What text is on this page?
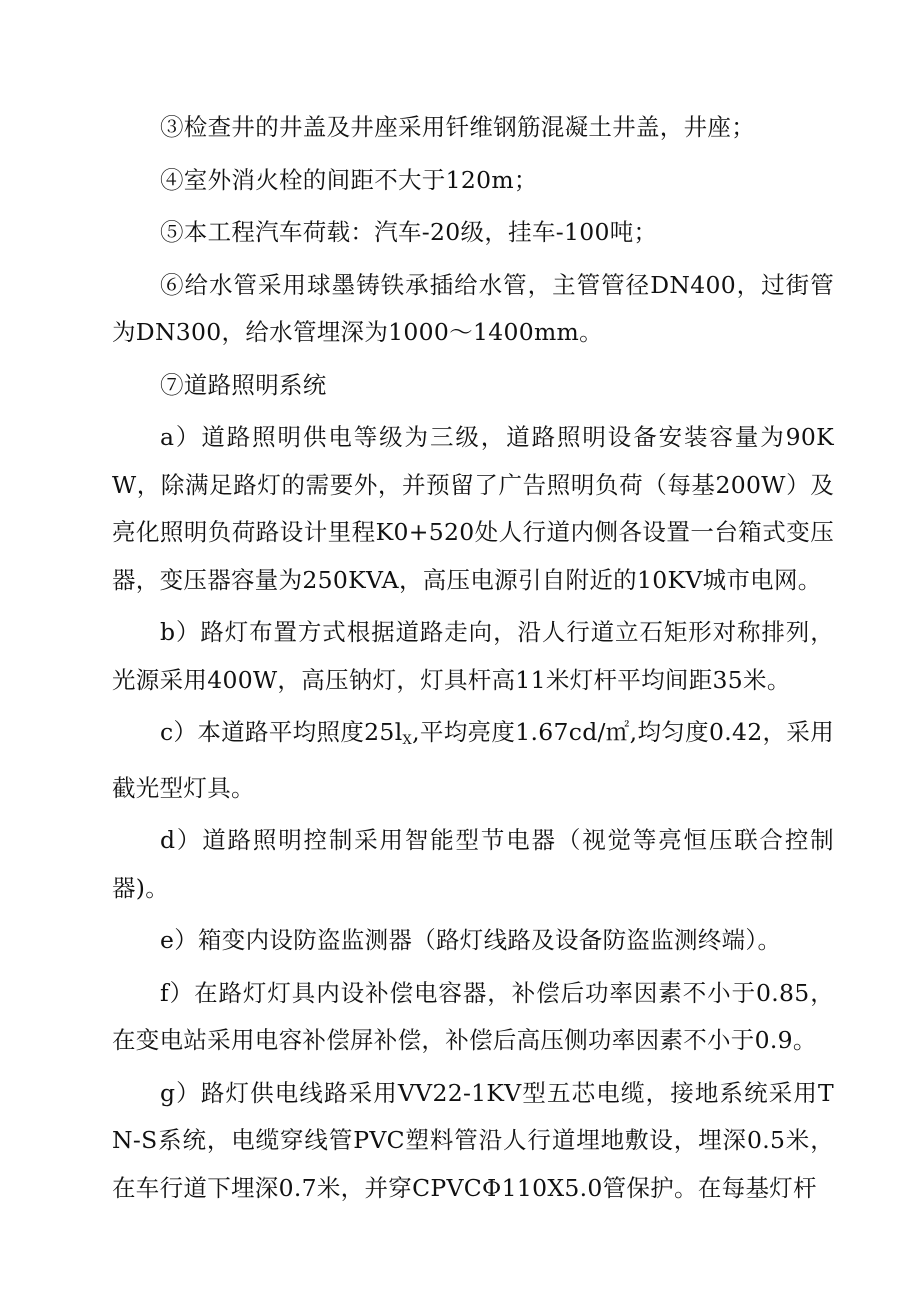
③检查井的井盖及井座采用钎维钢筋混凝土井盖，井座；

④室外消火栓的间距不大于120m；

⑤本工程汽车荷载：汽车-20级，挂车-100吨；

⑥给水管采用球墨铸铁承插给水管，主管管径DN400，过街管为DN300，给水管埋深为1000～1400mm。

⑦道路照明系统

a）道路照明供电等级为三级，道路照明设备安装容量为90KW，除满足路灯的需要外，并预留了广告照明负荷（每基200W）及亮化照明负荷路设计里程K0+520处人行道内侧各设置一台箱式变压器，变压器容量为250KVA，高压电源引自附近的10KV城市电网。

b）路灯布置方式根据道路走向，沿人行道立石矩形对称排列，光源采用400W，高压钠灯，灯具杆高11米灯杆平均间距35米。

c）本道路平均照度25lX,平均亮度1.67cd/㎡,均匀度0.42，采用截光型灯具。

d）道路照明控制采用智能型节电器（视觉等亮恒压联合控制器)。

e）箱变内设防盗监测器（路灯线路及设备防盗监测终端）。

f）在路灯灯具内设补偿电容器，补偿后功率因素不小于0.85，在变电站采用电容补偿屏补偿，补偿后高压侧功率因素不小于0.9。

g）路灯供电线路采用VV22-1KV型五芯电缆，接地系统采用TN-S系统，电缆穿线管PVC塑料管沿人行道埋地敷设，埋深0.5米，在车行道下埋深0.7米，并穿CPVCΦ110X5.0管保护。在每基灯杆
